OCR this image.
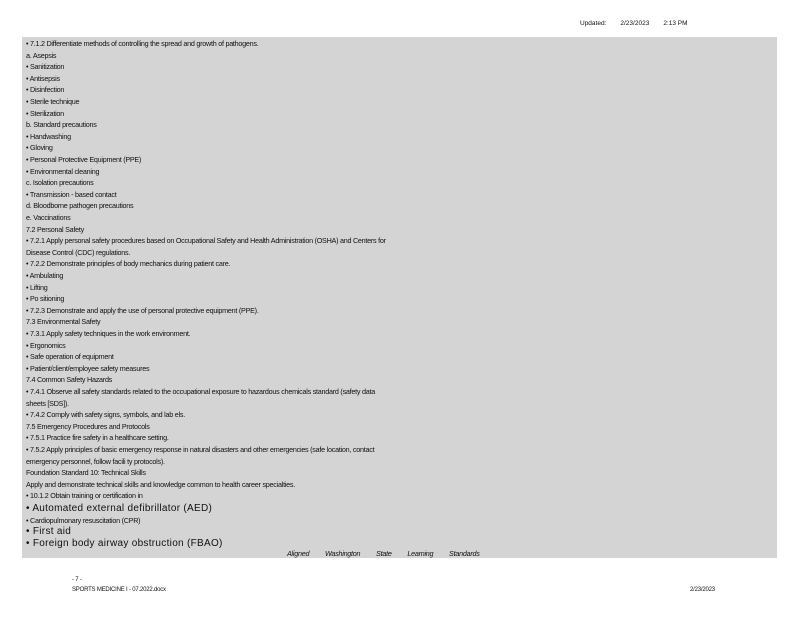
Updated: 2/23/2023 2:13 PM
• 7.1.2 Differentiate methods of controlling the spread and growth of pathogens.
a. Asepsis
• Sanitization
• Antisepsis
• Disinfection
• Sterile technique
• Sterilization
b. Standard precautions
• Handwashing
• Gloving
• Personal Protective Equipment (PPE)
• Environmental cleaning
c. Isolation precautions
• Transmission - based contact
d. Bloodborne pathogen precautions
e. Vaccinations
7.2 Personal Safety
• 7.2.1 Apply personal safety procedures based on Occupational Safety and Health Administration (OSHA) and Centers for
Disease Control (CDC) regulations.
• 7.2.2 Demonstrate principles of body mechanics during patient care.
• Ambulating
• Lifting
• Po sitioning
• 7.2.3 Demonstrate and apply the use of personal protective equipment (PPE).
7.3 Environmental Safety
• 7.3.1 Apply safety techniques in the work environment.
• Ergonomics
• Safe operation of equipment
• Patient/client/employee safety measures
7.4 Common Safety Hazards
• 7.4.1 Observe all safety standards related to the occupational exposure to hazardous chemicals standard (safety data
sheets [SDS]).
• 7.4.2 Comply with safety signs, symbols, and lab els.
7.5 Emergency Procedures and Protocols
• 7.5.1 Practice fire safety in a healthcare setting.
• 7.5.2 Apply principles of basic emergency response in natural disasters and other emergencies (safe location, contact
emergency personnel, follow facili ty protocols).
Foundation Standard 10: Technical Skills
Apply and demonstrate technical skills and knowledge common to health career specialties.
• 10.1.2 Obtain training or certification in
• Automated external defibrillator (AED)
• Cardiopulmonary resuscitation (CPR)
• First aid
• Foreign body airway obstruction (FBAO)
Aligned Washington State Learning Standards
- 7 -
SPORTS MEDICINE I - 07.2022.docx	2/23/2023
